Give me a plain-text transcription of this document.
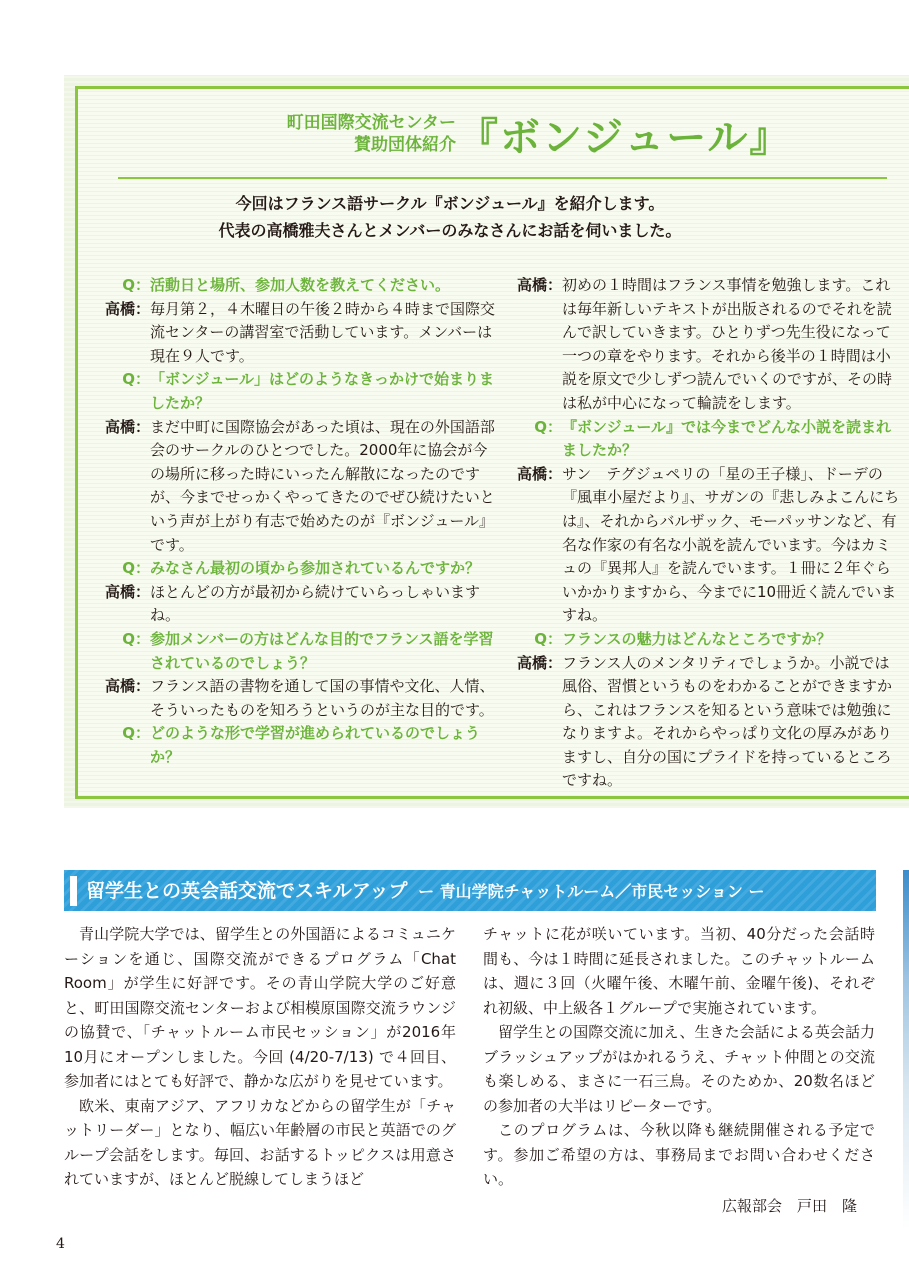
町田国際交流センター
賛助団体紹介 『ボンジュール』
今回はフランス語サークル『ボンジュール』を紹介します。
代表の高橋雅夫さんとメンバーのみなさんにお話を伺いました。
Q： 活動日と場所、参加人数を教えてください。
高橋： 毎月第２，４木曜日の午後２時から４時まで国際交流センターの講習室で活動しています。メンバーは現在９人です。
Q： 「ボンジュール」はどのようなきっかけで始まりましたか？
高橋： まだ中町に国際協会があった頃は、現在の外国語部会のサークルのひとつでした。2000年に協会が今の場所に移った時にいったん解散になったのですが、今までせっかくやってきたのでぜひ続けたいという声が上がり有志で始めたのが『ボンジュール』です。
Q： みなさん最初の頃から参加されているんですか？
高橋： ほとんどの方が最初から続けていらっしゃいますね。
Q： 参加メンバーの方はどんな目的でフランス語を学習されているのでしょう？
高橋： フランス語の書物を通して国の事情や文化、人情、そういったものを知ろうというのが主な目的です。
Q： どのような形で学習が進められているのでしょうか？
高橋： 初めの１時間はフランス事情を勉強します。これは毎年新しいテキストが出版されるのでそれを読んで訳していきます。ひとりずつ先生役になって一つの章をやります。それから後半の１時間は小説を原文で少しずつ読んでいくのですが、その時は私が中心になって輪読をします。
Q： 『ボンジュール』では今までどんな小説を読まれましたか？
高橋： サン　テグジュペリの「星の王子様」、ドーデの『風車小屋だより』、サガンの『悲しみよこんにちは』、それからバルザック、モーパッサンなど、有名な作家の有名な小説を読んでいます。今はカミュの『異邦人』を読んでいます。１冊に２年ぐらいかかりますから、今までに10冊近く読んでいますね。
Q： フランスの魅力はどんなところですか？
高橋： フランス人のメンタリティでしょうか。小説では風俗、習慣というものをわかることができますから、これはフランスを知るという意味では勉強になりますよ。それからやっぱり文化の厚みがありますし、自分の国にプライドを持っているところですね。
留学生との英会話交流でスキルアップ ー 青山学院チャットルーム／市民セッション ー

青山学院大学では、留学生との外国語によるコミュニケーションを通じ、国際交流ができるプログラム「Chat Room」が学生に好評です。その青山学院大学のご好意と、町田国際交流センターおよび相模原国際交流ラウンジの協賛で、「チャットルーム市民セッション」が2016年10月にオープンしました。今回 (4/20-7/13) で４回目、参加者にはとても好評で、静かな広がりを見せています。

欧米、東南アジア、アフリカなどからの留学生が「チャットリーダー」となり、幅広い年齢層の市民と英語でのグループ会話をします。毎回、お話するトッピクスは用意されていますが、ほとんど脱線してしまうほど

チャットに花が咲いています。当初、40分だった会話時間も、今は１時間に延長されました。このチャットルームは、週に３回（火曜午後、木曜午前、金曜午後)、それぞれ初級、中上級各１グループで実施されています。

留学生との国際交流に加え、生きた会話による英会話力ブラッシュアップがはかれるうえ、チャット仲間との交流も楽しめる、まさに一石三鳥。そのためか、20数名ほどの参加者の大半はリピーターです。

このプログラムは、今秋以降も継続開催される予定です。参加ご希望の方は、事務局までお問い合わせください。

広報部会　戸田　隆
4
